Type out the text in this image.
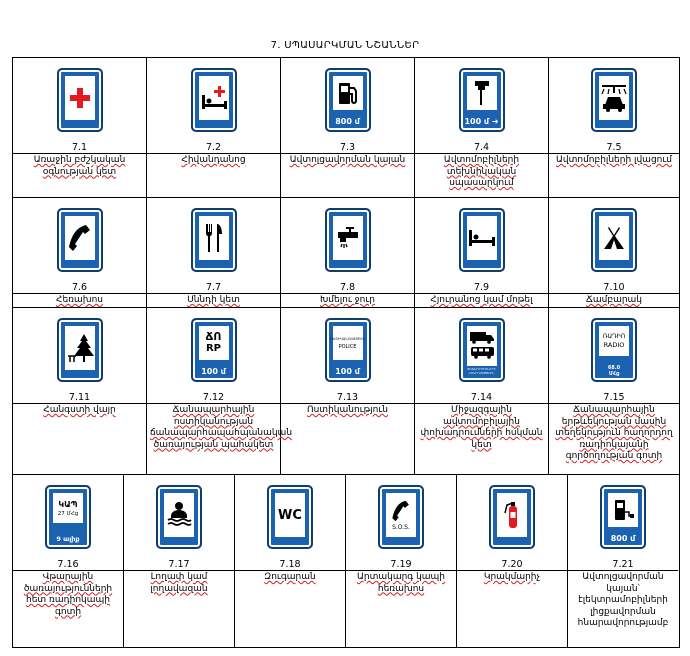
7. ՍՊԱՍԱՐԿՄԱՆ ՆՇԱՆՆԵՐ
7.1
Առաջին բժշկական օգնության կետ
7.2
Հիվանդանոց
800 մ
7.3
Ավտոլցավորման կայան
100 մ ➜
7.4
Ավտոմոբիլների տեխնիկական սպասարկում
7.5
Ավտոմոբիլների լվացում
7.6
Հեռախոս
7.7
Սննդի կետ
7.8
Խմելու ջուր
7.9
Հյուրանոց կամ մոթել
7.10
Ճամբարակ
7.11
Հանգստի վայր
ՃՈ
RP
100 մ
7.12
Ճանապարհային ոստիկանության ճանապարհապահպանական ծառայության պահակետ
ՈՍՏԻԿԱՆՈՒԹՅՈՒՆ
POLICE
100 մ
7.13
Ոստիկանություն
ՓՈԽԱԴՐՈՒՄՆԵՐԻ ՀՍԿՈՂՈՒԹՅՈՒՆ
7.14
Միջազգային ավտոմոբիլային փոխադրումների հսկման կետ
ՌԱԴԻՈ
RADIO
68.0
ՄՀց
7.15
Ճանապարհային երթևեկության մասին տեղեկություն հաղորդող ռադիոկայանի գործողության գոտի
ԿԱՊ
27 ՄՀց
9 ալիք
7.16
Վթարային ծառայությունների հետ ռադիոկապի գոտի
7.17
Լողափ կամ լողավազան
WC
7.18
Զուգարան
S.O.S.
7.19
Արտակարգ կապի հեռախոս
7.20
Կրակմարիչ
800 մ
7.21
Ավտոլցավորման կայան՝ էլեկտրամոբիլների լիցքավորման հնարավորությամբ
